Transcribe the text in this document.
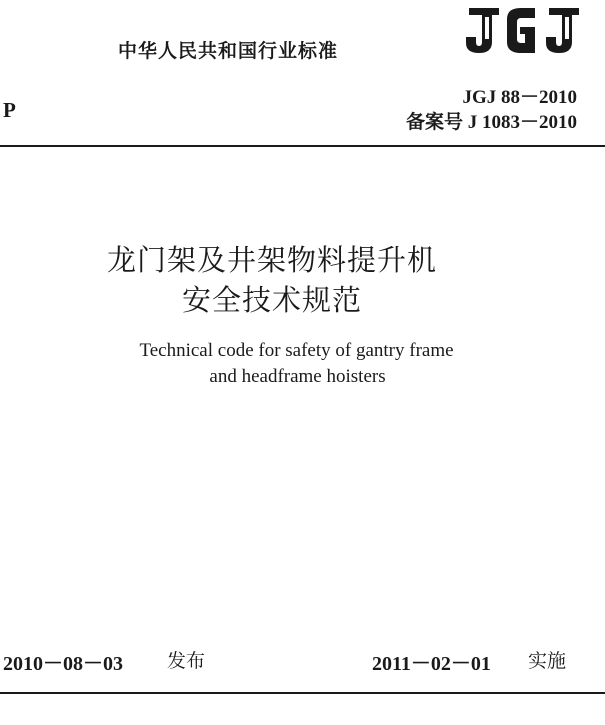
中华人民共和国行业标准
P
JGJ 88－2010
备案号 J 1083－2010
龙门架及井架物料提升机
安全技术规范
Technical code for safety of gantry frame
and headframe hoisters
2010－08－03 发布	2011－02－01 实施
